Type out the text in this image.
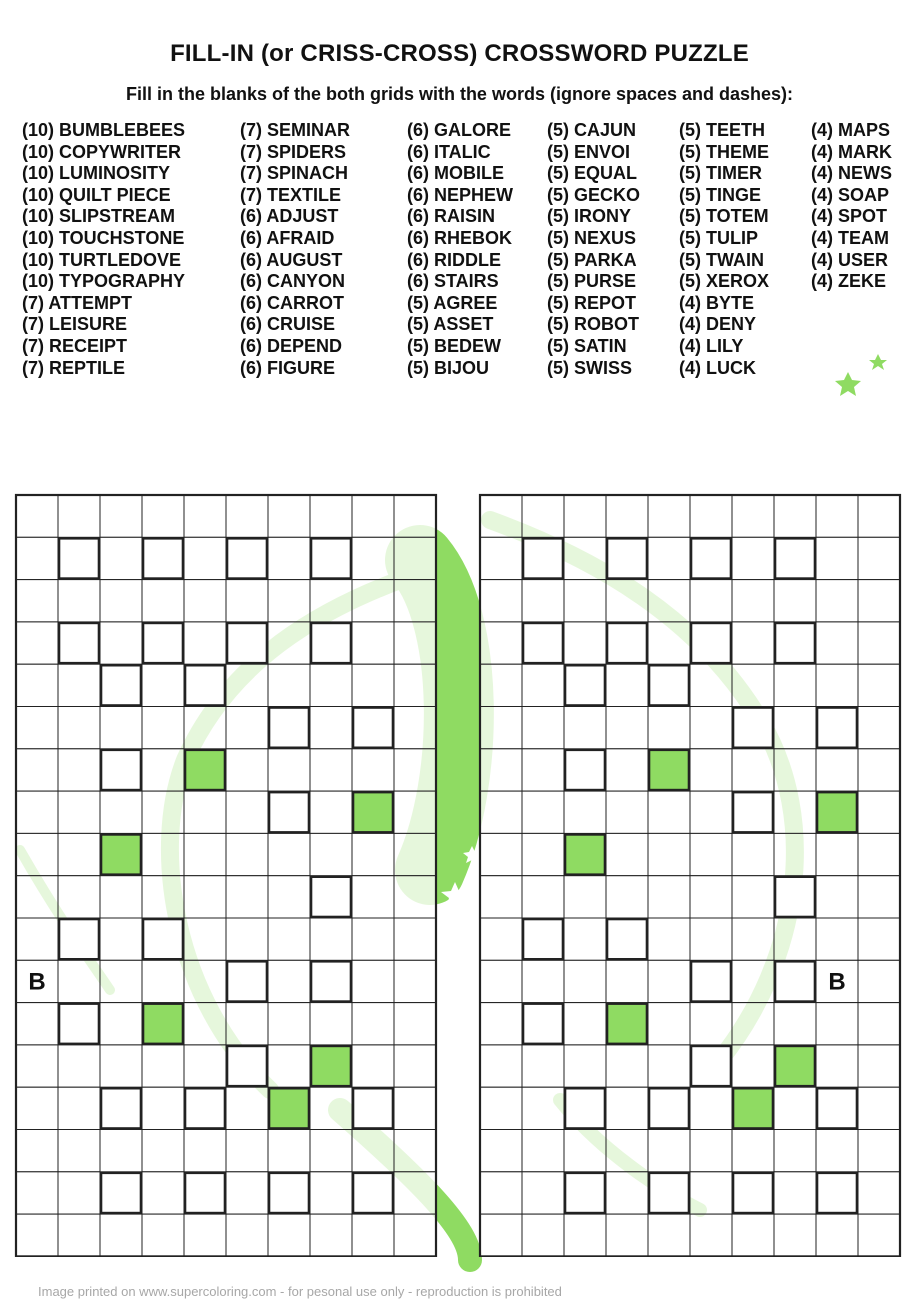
FILL-IN (or CRISS-CROSS) CROSSWORD PUZZLE
Fill in the blanks of the both grids with the words (ignore spaces and dashes):
(10) BUMBLEBEES
(10) COPYWRITER
(10) LUMINOSITY
(10) QUILT PIECE
(10) SLIPSTREAM
(10) TOUCHSTONE
(10) TURTLEDOVE
(10) TYPOGRAPHY
(7) ATTEMPT
(7) LEISURE
(7) RECEIPT
(7) REPTILE
(7) SEMINAR
(7) SPIDERS
(7) SPINACH
(7) TEXTILE
(6) ADJUST
(6) AFRAID
(6) AUGUST
(6) CANYON
(6) CARROT
(6) CRUISE
(6) DEPEND
(6) FIGURE
(6) GALORE
(6) ITALIC
(6) MOBILE
(6) NEPHEW
(6) RAISIN
(6) RHEBOK
(6) RIDDLE
(6) STAIRS
(5) AGREE
(5) ASSET
(5) BEDEW
(5) BIJOU
(5) CAJUN
(5) ENVOI
(5) EQUAL
(5) GECKO
(5) IRONY
(5) NEXUS
(5) PARKA
(5) PURSE
(5) REPOT
(5) ROBOT
(5) SATIN
(5) SWISS
(5) TEETH
(5) THEME
(5) TIMER
(5) TINGE
(5) TOTEM
(5) TULIP
(5) TWAIN
(5) XEROX
(4) BYTE
(4) DENY
(4) LILY
(4) LUCK
(4) MAPS
(4) MARK
(4) NEWS
(4) SOAP
(4) SPOT
(4) TEAM
(4) USER
(4) ZEKE
B	B
Image printed on www.supercoloring.com - for pesonal use only - reproduction is prohibited
